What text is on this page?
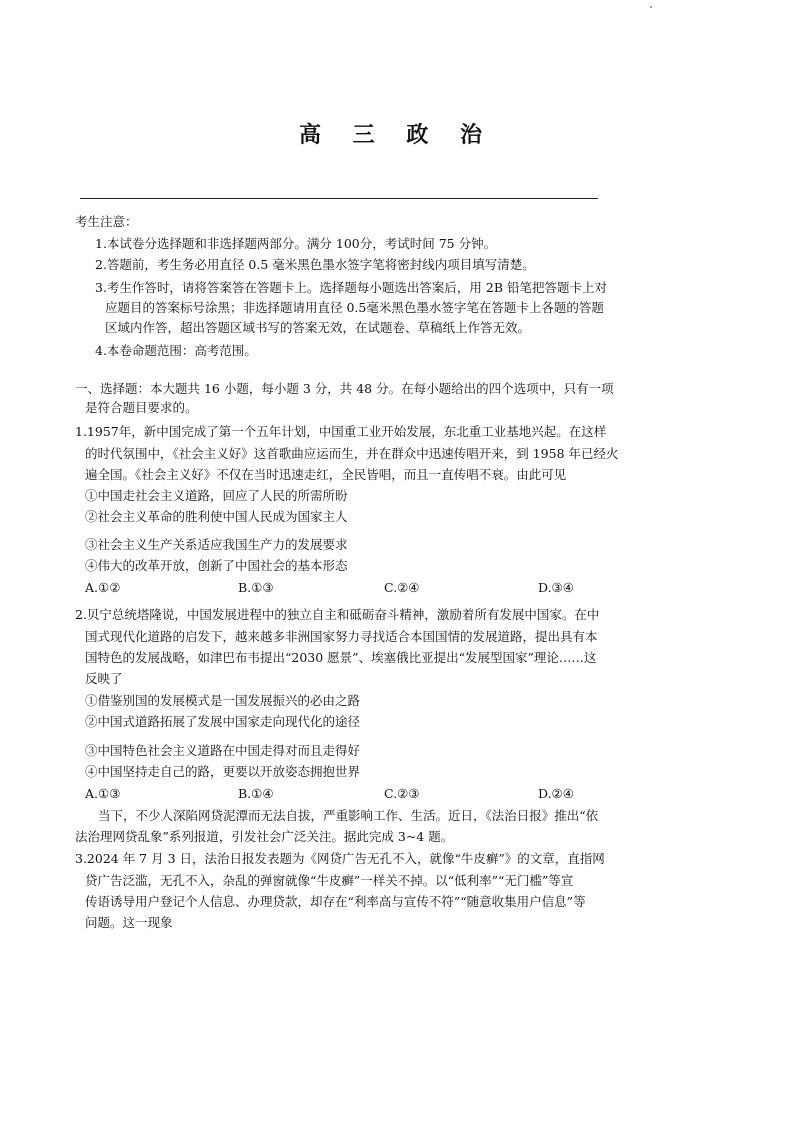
高 三 政 治
考生注意：
1.本试卷分选择题和非选择题两部分。满分 100分，考试时间 75 分钟。
2.答题前，考生务必用直径 0.5 毫米黑色墨水签字笔将密封线内项目填写清楚。
3.考生作答时，请将答案答在答题卡上。选择题每小题选出答案后，用 2B 铅笔把答题卡上对
应题目的答案标号涂黑；非选择题请用直径 0.5毫米黑色墨水签字笔在答题卡上各题的答题
区域内作答，超出答题区域书写的答案无效，在试题卷、草稿纸上作答无效。
4.本卷命题范围：高考范围。
一、选择题：本大题共 16 小题，每小题 3 分，共 48 分。在每小题给出的四个选项中，只有一项
是符合题目要求的。
1.1957年，新中国完成了第一个五年计划，中国重工业开始发展，东北重工业基地兴起。在这样
的时代氛围中，《社会主义好》这首歌曲应运而生，并在群众中迅速传唱开来，到 1958 年已经火
遍全国。《社会主义好》不仅在当时迅速走红，全民皆唱，而且一直传唱不衰。由此可见
①中国走社会主义道路，回应了人民的所需所盼
②社会主义革命的胜利使中国人民成为国家主人
③社会主义生产关系适应我国生产力的发展要求
④伟大的改革开放，创新了中国社会的基本形态
A.①②	B.①③	C.②④	D.③④
2.贝宁总统塔隆说，中国发展进程中的独立自主和砥砺奋斗精神，激励着所有发展中国家。在中
国式现代化道路的启发下，越来越多非洲国家努力寻找适合本国国情的发展道路，提出具有本
国特色的发展战略，如津巴布韦提出“2030 愿景”、埃塞俄比亚提出“发展型国家”理论……这
反映了
①借鉴别国的发展模式是一国发展振兴的必由之路
②中国式道路拓展了发展中国家走向现代化的途径
③中国特色社会主义道路在中国走得对而且走得好
④中国坚持走自己的路，更要以开放姿态拥抱世界
A.①③	B.①④	C.②③	D.②④
当下，不少人深陷网贷泥潭而无法自拔，严重影响工作、生活。近日，《法治日报》推出“依
法治理网贷乱象”系列报道，引发社会广泛关注。据此完成 3~4 题。
3.2024 年 7 月 3 日，法治日报发表题为《网贷广告无孔不入，就像“牛皮癣”》的文章，直指网
贷广告泛滥，无孔不入，杂乱的弹窗就像“牛皮癣”一样关不掉。以“低利率”“无门槛”等宣
传语诱导用户登记个人信息、办理贷款，却存在“利率高与宣传不符”“随意收集用户信息”等
问题。这一现象
